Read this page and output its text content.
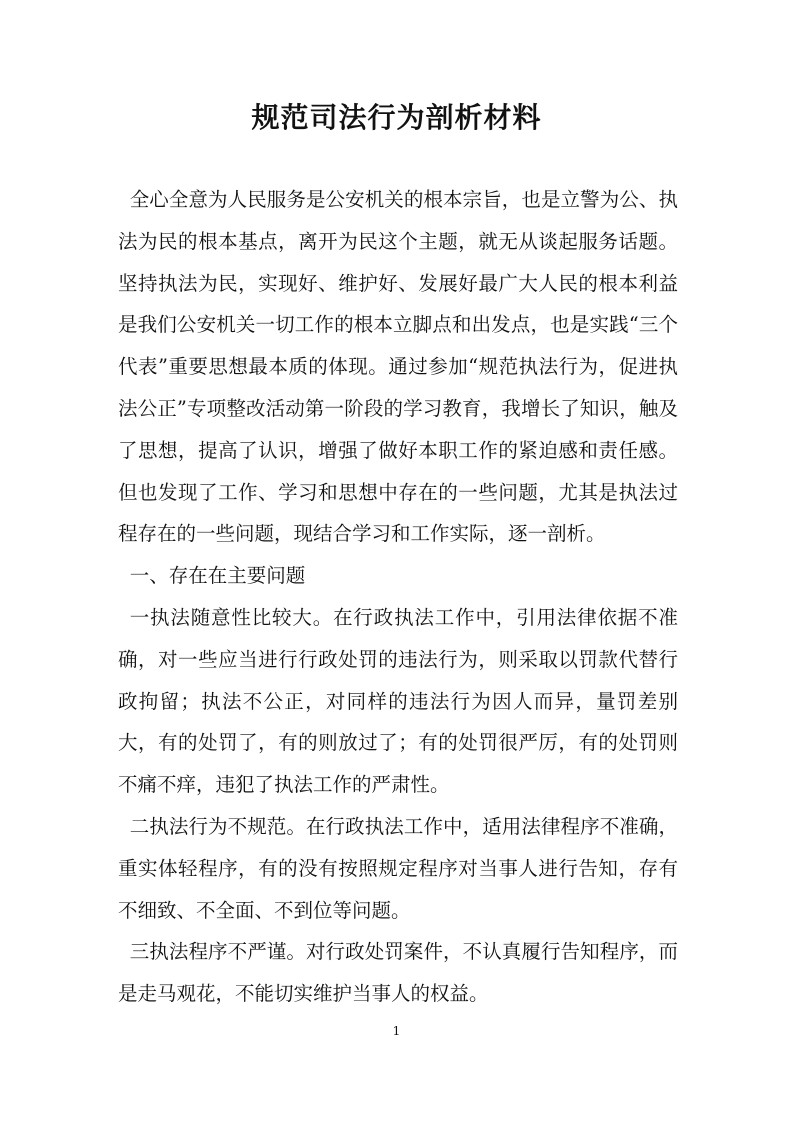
规范司法行为剖析材料

全心全意为人民服务是公安机关的根本宗旨，也是立警为公、执法为民的根本基点，离开为民这个主题，就无从谈起服务话题。坚持执法为民，实现好、维护好、发展好最广大人民的根本利益是我们公安机关一切工作的根本立脚点和出发点，也是实践“三个代表”重要思想最本质的体现。通过参加“规范执法行为，促进执法公正”专项整改活动第一阶段的学习教育，我增长了知识，触及了思想，提高了认识，增强了做好本职工作的紧迫感和责任感。但也发现了工作、学习和思想中存在的一些问题，尤其是执法过程存在的一些问题，现结合学习和工作实际，逐一剖析。

一、存在在主要问题

一执法随意性比较大。在行政执法工作中，引用法律依据不准确，对一些应当进行行政处罚的违法行为，则采取以罚款代替行政拘留；执法不公正，对同样的违法行为因人而异，量罚差别大，有的处罚了，有的则放过了；有的处罚很严厉，有的处罚则不痛不痒，违犯了执法工作的严肃性。

二执法行为不规范。在行政执法工作中，适用法律程序不准确，重实体轻程序，有的没有按照规定程序对当事人进行告知，存有不细致、不全面、不到位等问题。

三执法程序不严谨。对行政处罚案件，不认真履行告知程序，而是走马观花，不能切实维护当事人的权益。

1
